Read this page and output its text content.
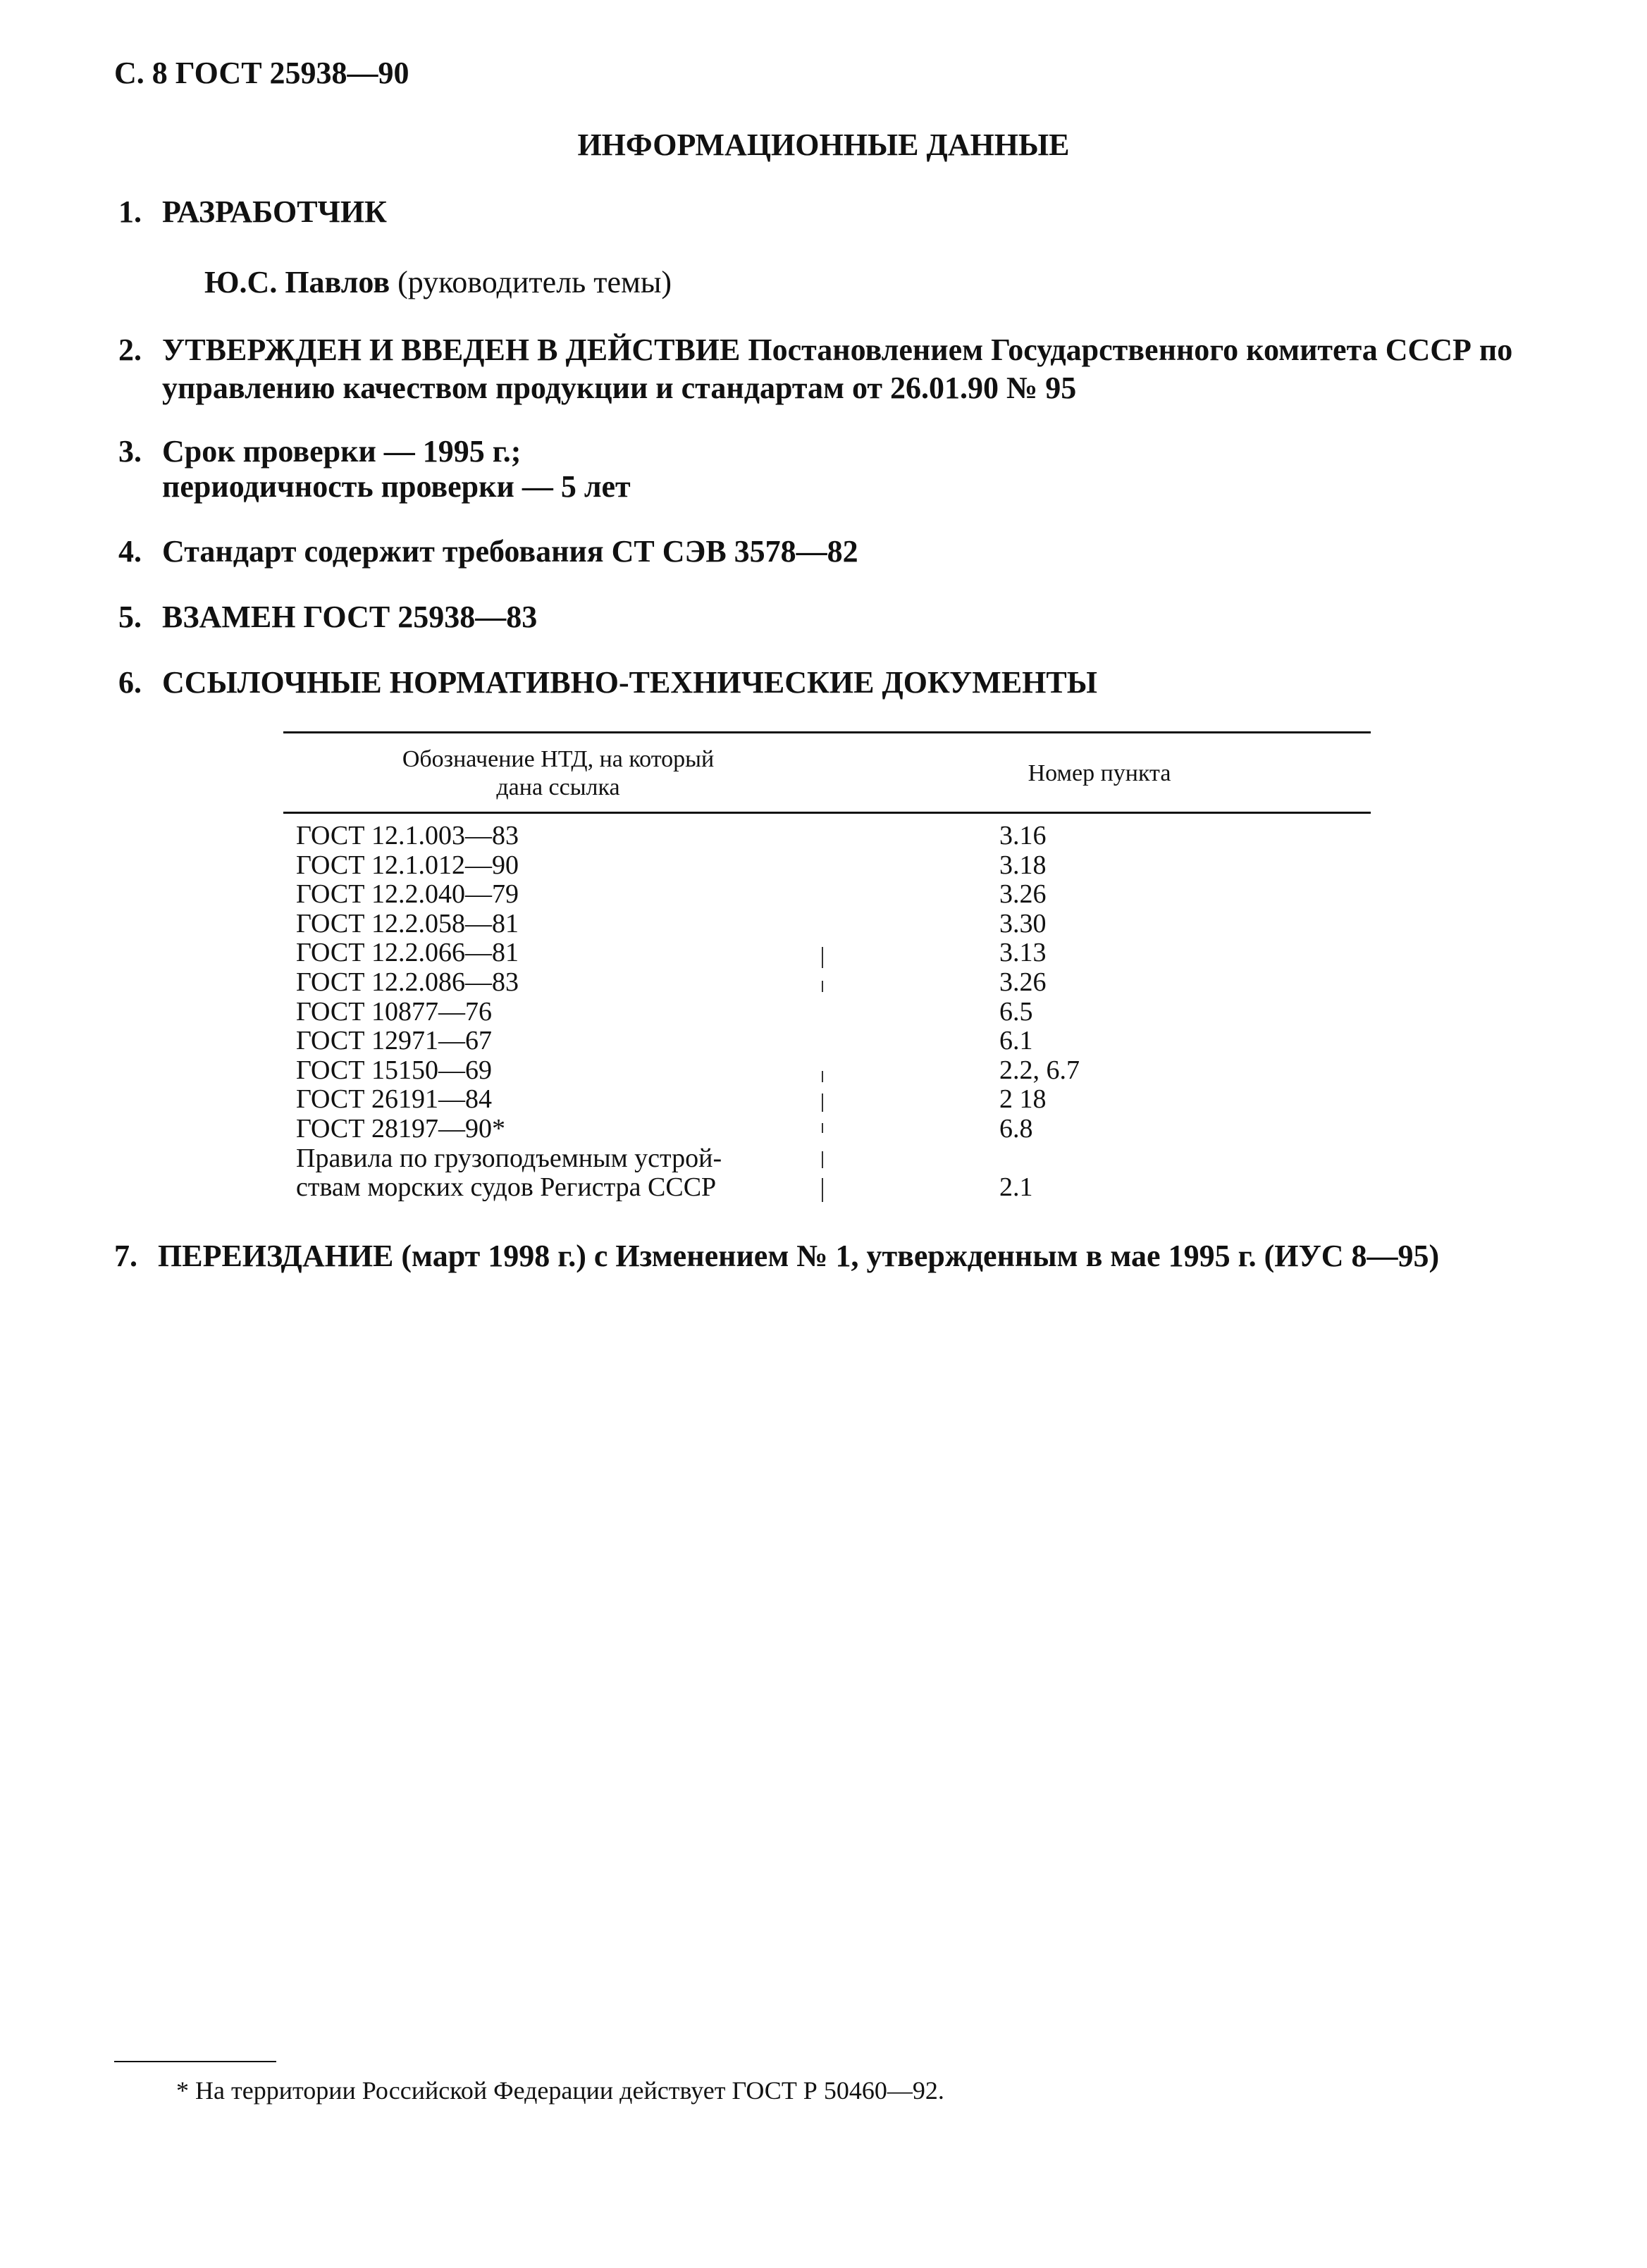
С. 8 ГОСТ 25938—90
ИНФОРМАЦИОННЫЕ ДАННЫЕ
1. РАЗРАБОТЧИК
Ю.С. Павлов (руководитель темы)
2. УТВЕРЖДЕН И ВВЕДЕН В ДЕЙСТВИЕ Постановлением Государственного комитета СССР по
управлению качеством продукции и стандартам от 26.01.90 № 95
3. Срок проверки — 1995 г.;
периодичность проверки — 5 лет
4. Стандарт содержит требования СТ СЭВ 3578—82
5. ВЗАМЕН ГОСТ 25938—83
6. ССЫЛОЧНЫЕ НОРМАТИВНО-ТЕХНИЧЕСКИЕ ДОКУМЕНТЫ
Обозначение НТД, на который
дана ссылка
Номер пункта
ГОСТ 12.1.003—83	3.16
ГОСТ 12.1.012—90	3.18
ГОСТ 12.2.040—79	3.26
ГОСТ 12.2.058—81	3.30
ГОСТ 12.2.066—81	3.13
ГОСТ 12.2.086—83	3.26
ГОСТ 10877—76	6.5
ГОСТ 12971—67	6.1
ГОСТ 15150—69	2.2, 6.7
ГОСТ 26191—84	2 18
ГОСТ 28197—90*	6.8
Правила по грузоподъемным устрой-
ствам морских судов Регистра СССР	2.1
7. ПЕРЕИЗДАНИЕ (март 1998 г.) с Изменением № 1, утвержденным в мае 1995 г. (ИУС 8—95)
* На территории Российской Федерации действует ГОСТ Р 50460—92.
